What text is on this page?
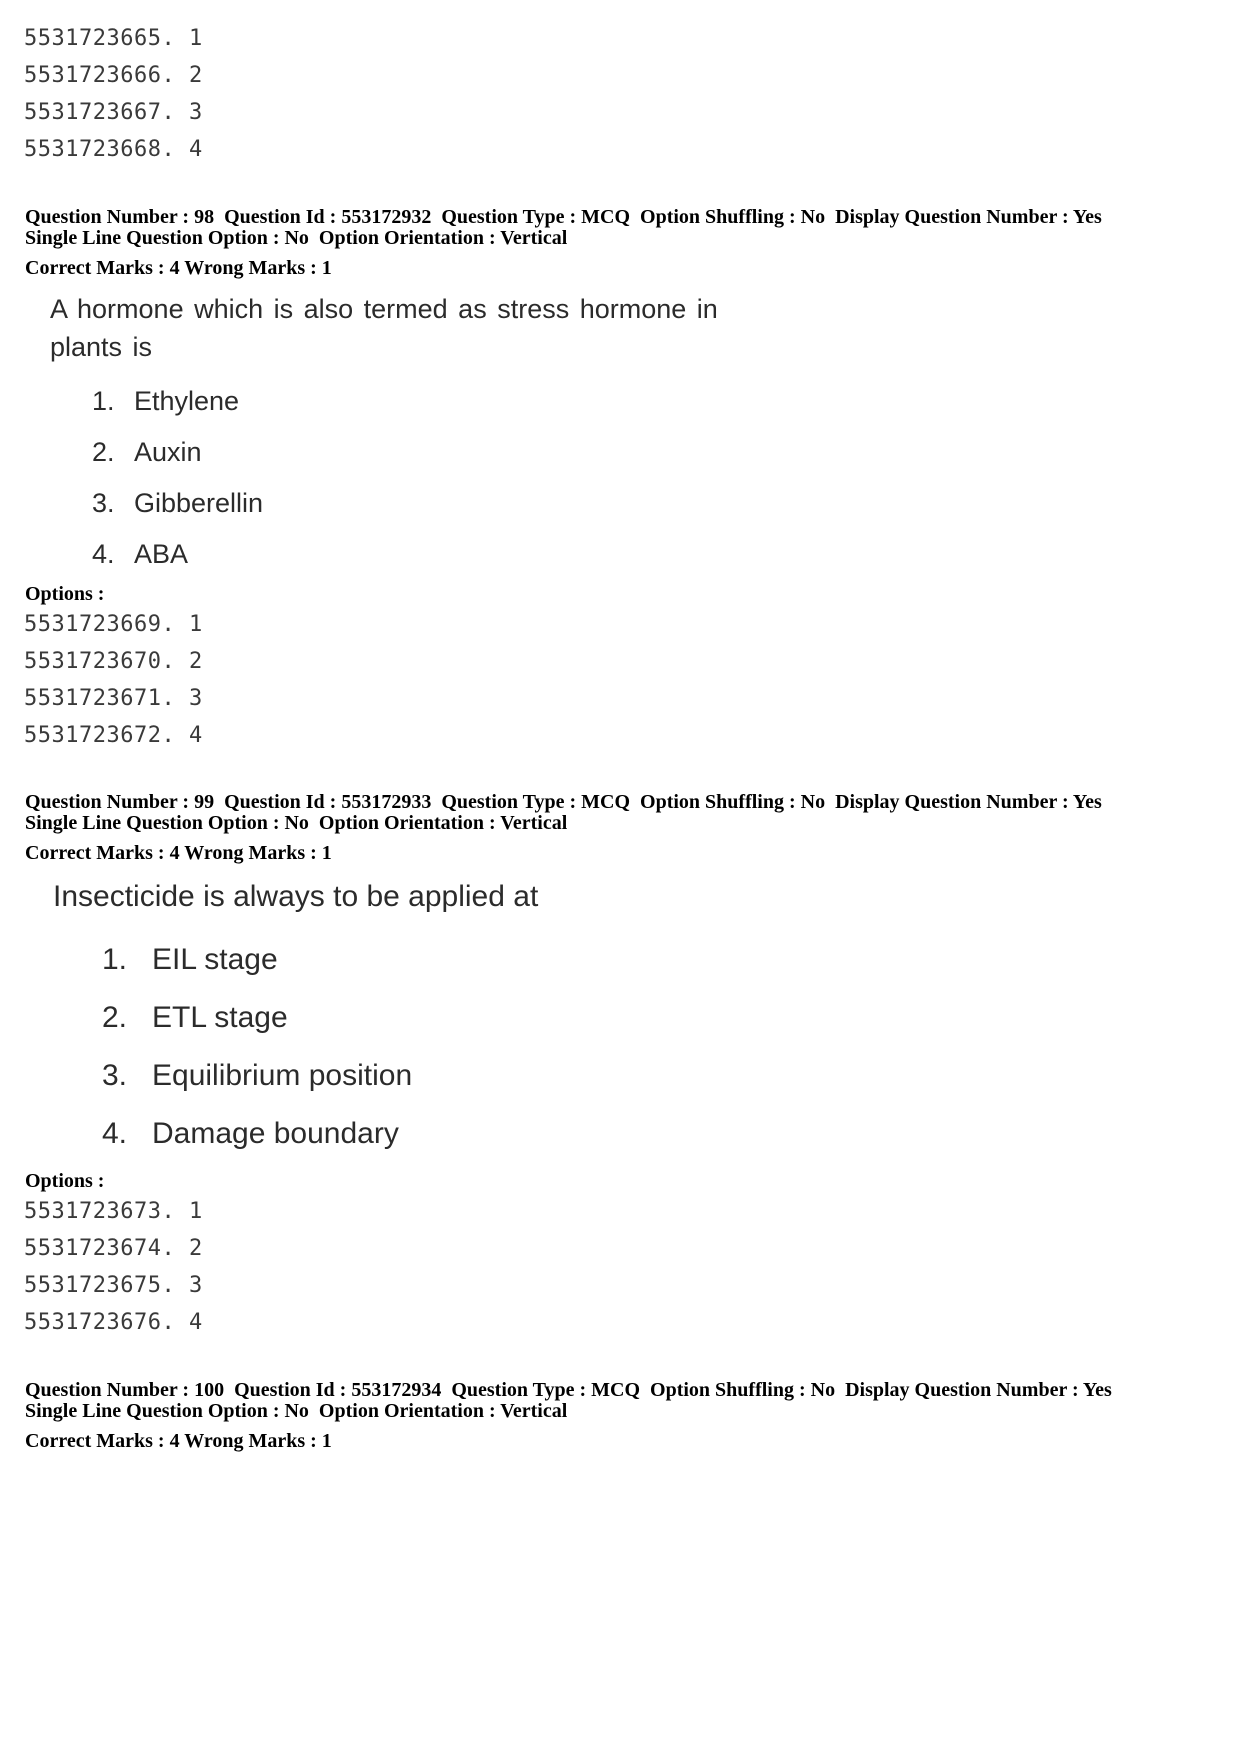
5531723665. 1
5531723666. 2
5531723667. 3
5531723668. 4
Question Number : 98  Question Id : 553172932  Question Type : MCQ  Option Shuffling : No  Display Question Number : Yes
Single Line Question Option : No  Option Orientation : Vertical
Correct Marks : 4 Wrong Marks : 1

A hormone which is also termed as stress hormone in plants is

1. Ethylene
2. Auxin
3. Gibberellin
4. ABA
Options :
5531723669. 1
5531723670. 2
5531723671. 3
5531723672. 4
Question Number : 99  Question Id : 553172933  Question Type : MCQ  Option Shuffling : No  Display Question Number : Yes
Single Line Question Option : No  Option Orientation : Vertical
Correct Marks : 4 Wrong Marks : 1

Insecticide is always to be applied at

1. EIL stage
2. ETL stage
3. Equilibrium position
4. Damage boundary
Options :
5531723673. 1
5531723674. 2
5531723675. 3
5531723676. 4
Question Number : 100  Question Id : 553172934  Question Type : MCQ  Option Shuffling : No  Display Question Number : Yes
Single Line Question Option : No  Option Orientation : Vertical
Correct Marks : 4 Wrong Marks : 1
